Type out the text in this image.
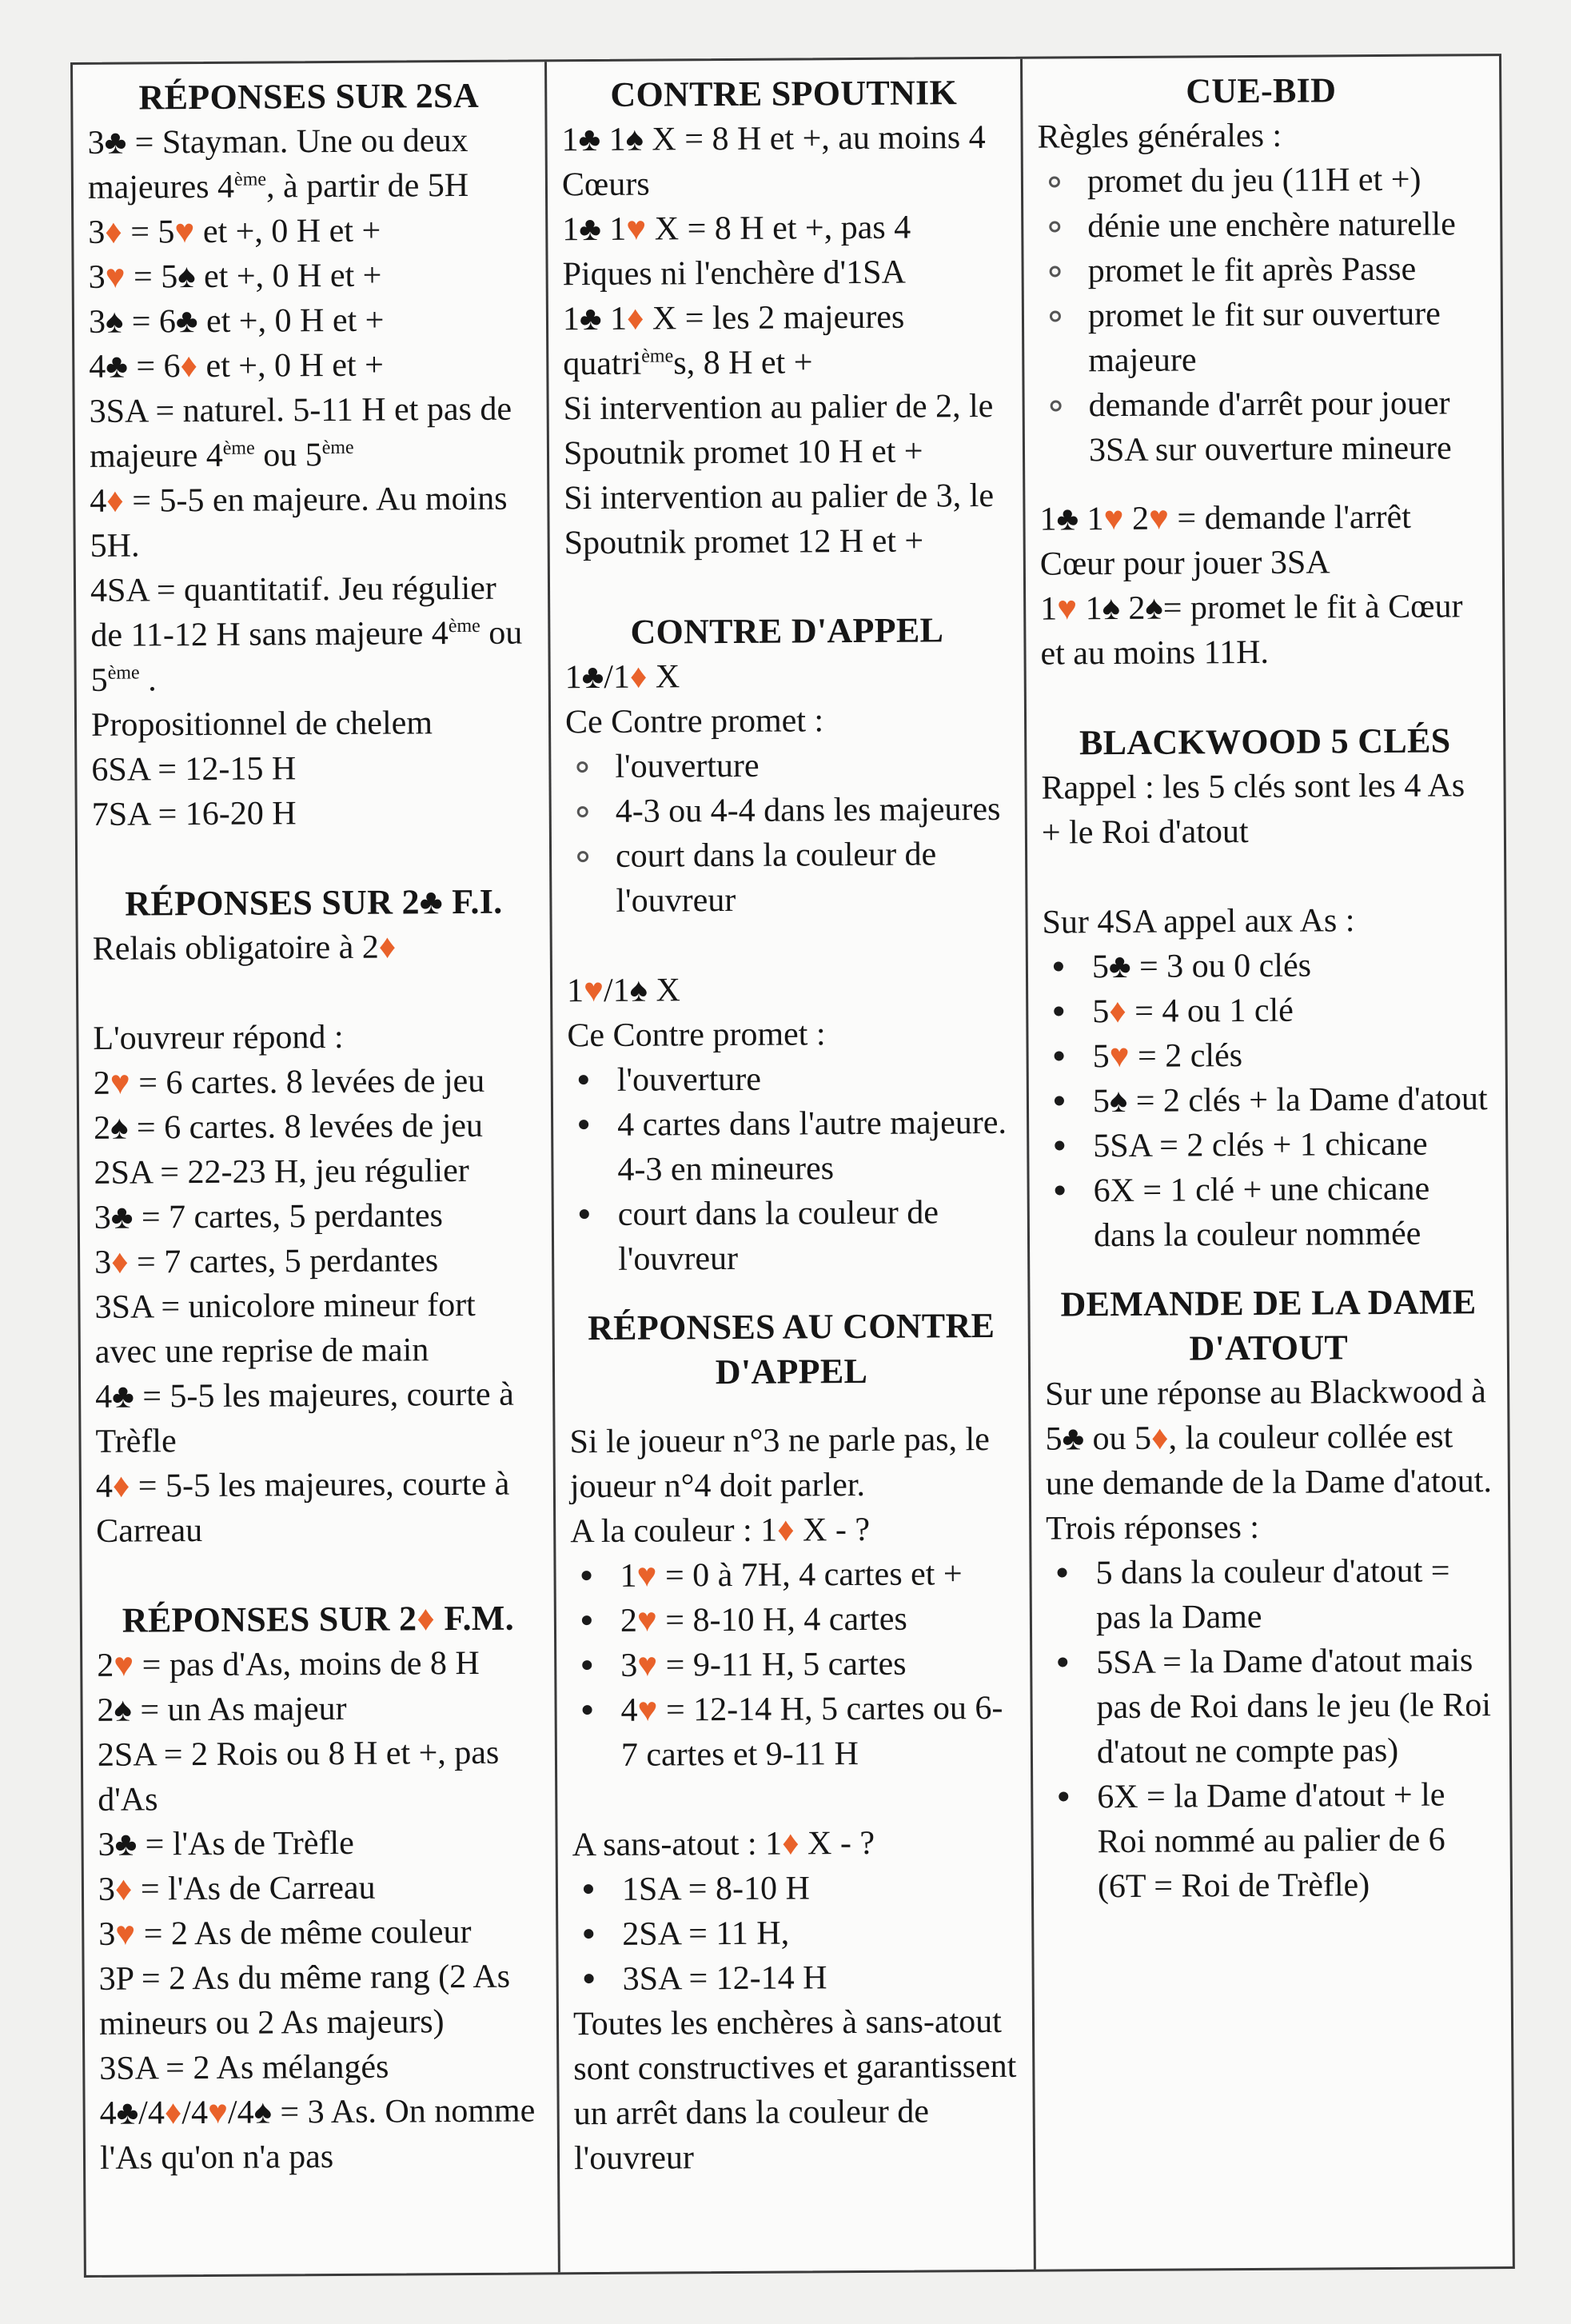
RÉPONSES SUR 2SA

3♣ = Stayman. Une ou deux majeures 4ème, à partir de 5H

3♦ = 5♥ et +, 0 H et +

3♥ = 5♠ et +, 0 H et +

3♠ = 6♣ et +, 0 H et +

4♣ = 6♦ et +, 0 H et +

3SA = naturel. 5-11 H et pas de majeure 4ème ou 5ème

4♦ = 5-5 en majeure. Au moins 5H.

4SA = quantitatif. Jeu régulier de 11-12 H sans majeure 4ème ou 5ème .

Propositionnel de chelem

6SA = 12-15 H

7SA = 16-20 H

RÉPONSES SUR 2♣ F.I.

Relais obligatoire à 2♦

L'ouvreur répond :

2♥ = 6 cartes. 8 levées de jeu

2♠ = 6 cartes. 8 levées de jeu

2SA = 22-23 H, jeu régulier

3♣ = 7 cartes, 5 perdantes

3♦ = 7 cartes, 5 perdantes

3SA = unicolore mineur fort avec une reprise de main

4♣ = 5-5 les majeures, courte à Trèfle

4♦ = 5-5 les majeures, courte à Carreau

RÉPONSES SUR 2♦ F.M.

2♥ = pas d'As, moins de 8 H

2♠ = un As majeur

2SA = 2 Rois ou 8 H et +, pas d'As

3♣ = l'As de Trèfle

3♦ = l'As de Carreau

3♥ = 2 As de même couleur

3P = 2 As du même rang (2 As mineurs ou 2 As majeurs)

3SA = 2 As mélangés

4♣/4♦/4♥/4♠ = 3 As. On nomme l'As qu'on n'a pas

CONTRE SPOUTNIK

1♣ 1♠ X = 8 H et +, au moins 4 Cœurs

1♣ 1♥ X = 8 H et +, pas 4 Piques ni l'enchère d'1SA

1♣ 1♦ X = les 2 majeures quatri$^{ème}$s, 8 H et +

Si intervention au palier de 2, le Spoutnik promet 10 H et +

Si intervention au palier de 3, le Spoutnik promet 12 H et +

CONTRE D'APPEL

1♣/1♦ X

Ce Contre promet :

l'ouverture
4-3 ou 4-4 dans les majeures
court dans la couleur de l'ouvreur

1♥/1♠ X

Ce Contre promet :

l'ouverture
4 cartes dans l'autre majeure. 4-3 en mineures
court dans la couleur de l'ouvreur

RÉPONSES AU CONTRE D'APPEL

Si le joueur n°3 ne parle pas, le joueur n°4 doit parler.

A la couleur : 1♦ X - ?

1♥ = 0 à 7H, 4 cartes et +
2♥ = 8-10 H, 4 cartes
3♥ = 9-11 H, 5 cartes
4♥ = 12-14 H, 5 cartes ou 6-7 cartes et 9-11 H

A sans-atout : 1♦ X - ?

1SA = 8-10 H
2SA = 11 H,
3SA = 12-14 H

Toutes les enchères à sans-atout sont constructives et garantissent un arrêt dans la couleur de l'ouvreur

CUE-BID

Règles générales :

promet du jeu (11H et +)
dénie une enchère naturelle
promet le fit après Passe
promet le fit sur ouverture majeure
demande d'arrêt pour jouer 3SA sur ouverture mineure

1♣ 1♥ 2♥ = demande l'arrêt Cœur pour jouer 3SA

1♥ 1♠ 2♠= promet le fit à Cœur et au moins 11H.

BLACKWOOD 5 CLÉS

Rappel : les 5 clés sont les 4 As + le Roi d'atout

Sur 4SA appel aux As :

5♣ = 3 ou 0 clés
5♦ = 4 ou 1 clé
5♥ = 2 clés
5♠ = 2 clés + la Dame d'atout
5SA = 2 clés + 1 chicane
6X = 1 clé + une chicane dans la couleur nommée

DEMANDE DE LA DAME D'ATOUT

Sur une réponse au Blackwood à 5♣ ou 5♦, la couleur collée est une demande de la Dame d'atout.

Trois réponses :

5 dans la couleur d'atout = pas la Dame
5SA = la Dame d'atout mais pas de Roi dans le jeu (le Roi d'atout ne compte pas)
6X = la Dame d'atout + le Roi nommé au palier de 6 (6T = Roi de Trèfle)
